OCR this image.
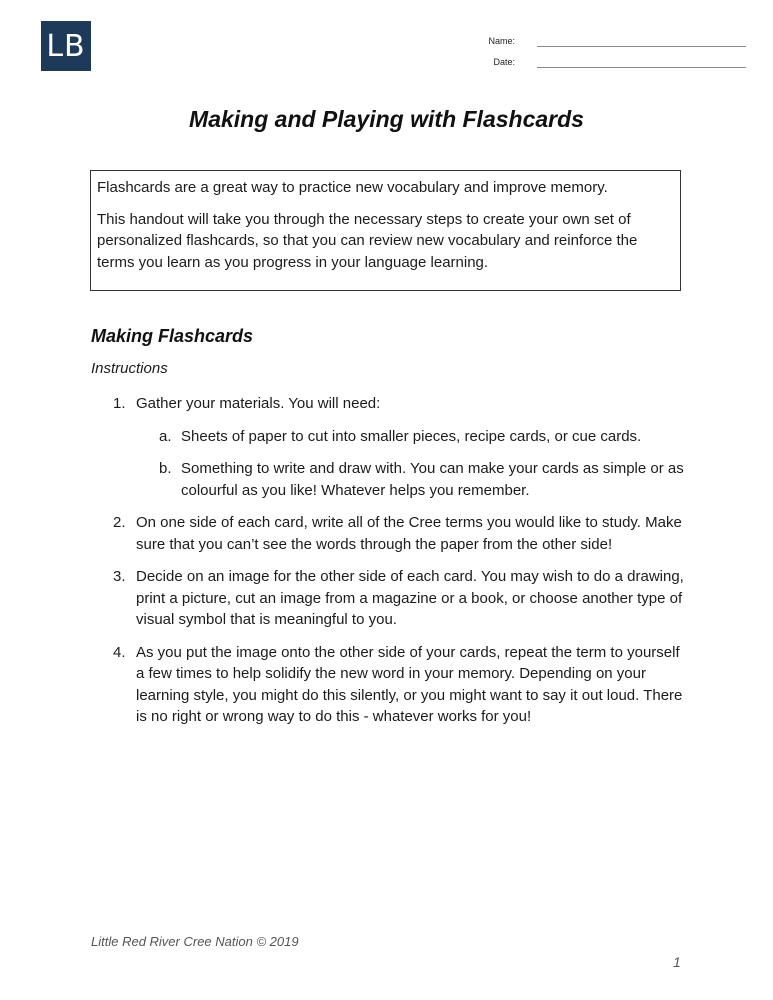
LB	Name:
Date:
Making and Playing with Flashcards

Flashcards are a great way to practice new vocabulary and improve memory.

This handout will take you through the necessary steps to create your own set of personalized flashcards, so that you can review new vocabulary and reinforce the terms you learn as you progress in your language learning.

Making Flashcards
Instructions
1. Gather your materials. You will need:
a. Sheets of paper to cut into smaller pieces, recipe cards, or cue cards.
b. Something to write and draw with. You can make your cards as simple or as colourful as you like! Whatever helps you remember.
2. On one side of each card, write all of the Cree terms you would like to study. Make sure that you can’t see the words through the paper from the other side!
3. Decide on an image for the other side of each card. You may wish to do a drawing, print a picture, cut an image from a magazine or a book, or choose another type of visual symbol that is meaningful to you.
4. As you put the image onto the other side of your cards, repeat the term to yourself a few times to help solidify the new word in your memory. Depending on your learning style, you might do this silently, or you might want to say it out loud. There is no right or wrong way to do this - whatever works for you!
Little Red River Cree Nation © 2019
1
